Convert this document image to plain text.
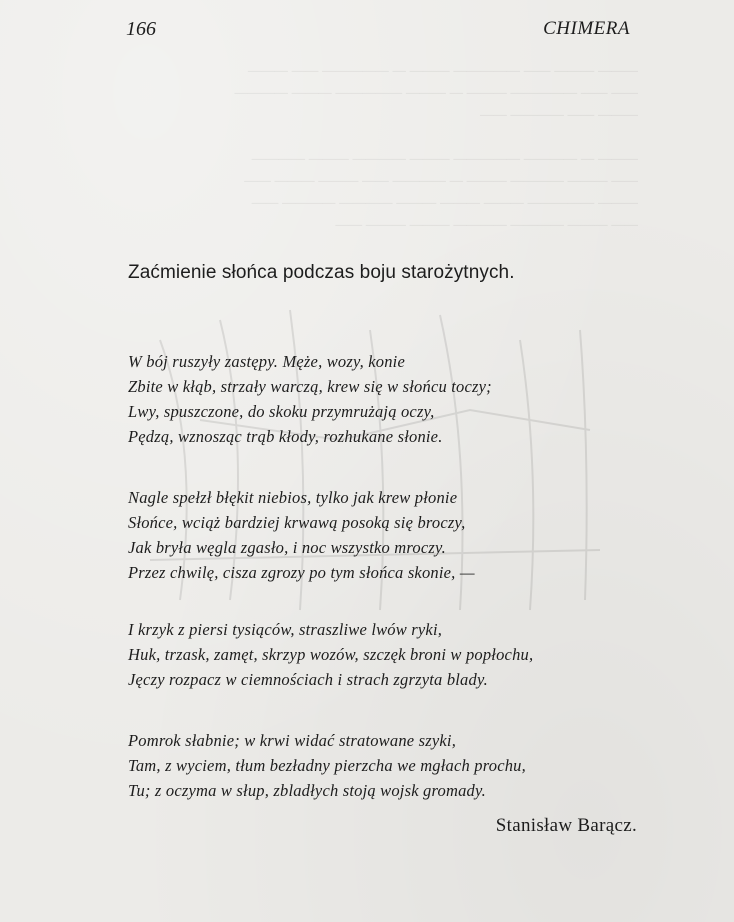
——— ——— —— ————— ——— — ————— —— ———
—— —— ————— ——— — ——— ————— ——— ————
——— —— ———— ——

——— — ———— ————— ——— ———— ——— ————
—— ——— ———— ——— — ———— —— ——— ——— ——
——— ————— ——— ——— ——— ———— ———— ——
—— ——— ———— ———— ——— ——— ——
166	CHIMERA
Zaćmienie słońca podczas boju starożytnych.
W bój ruszyły zastępy. Męże, wozy, konie
Zbite w kłąb, strzały warczą, krew się w słońcu toczy;
Lwy, spuszczone, do skoku przymrużają oczy,
Pędzą, wznosząc trąb kłody, rozhukane słonie.
Nagle spełzł błękit niebios, tylko jak krew płonie
Słońce, wciąż bardziej krwawą posoką się broczy,
Jak bryła węgla zgasło, i noc wszystko mroczy.
Przez chwilę, cisza zgrozy po tym słońca skonie, —
I krzyk z piersi tysiąców, straszliwe lwów ryki,
Huk, trzask, zamęt, skrzyp wozów, szczęk broni w popłochu,
Jęczy rozpacz w ciemnościach i strach zgrzyta blady.
Pomrok słabnie; w krwi widać stratowane szyki,
Tam, z wyciem, tłum bezładny pierzcha we mgłach prochu,
Tu; z oczyma w słup, zbladłych stoją wojsk gromady.
Stanisław Barącz.
